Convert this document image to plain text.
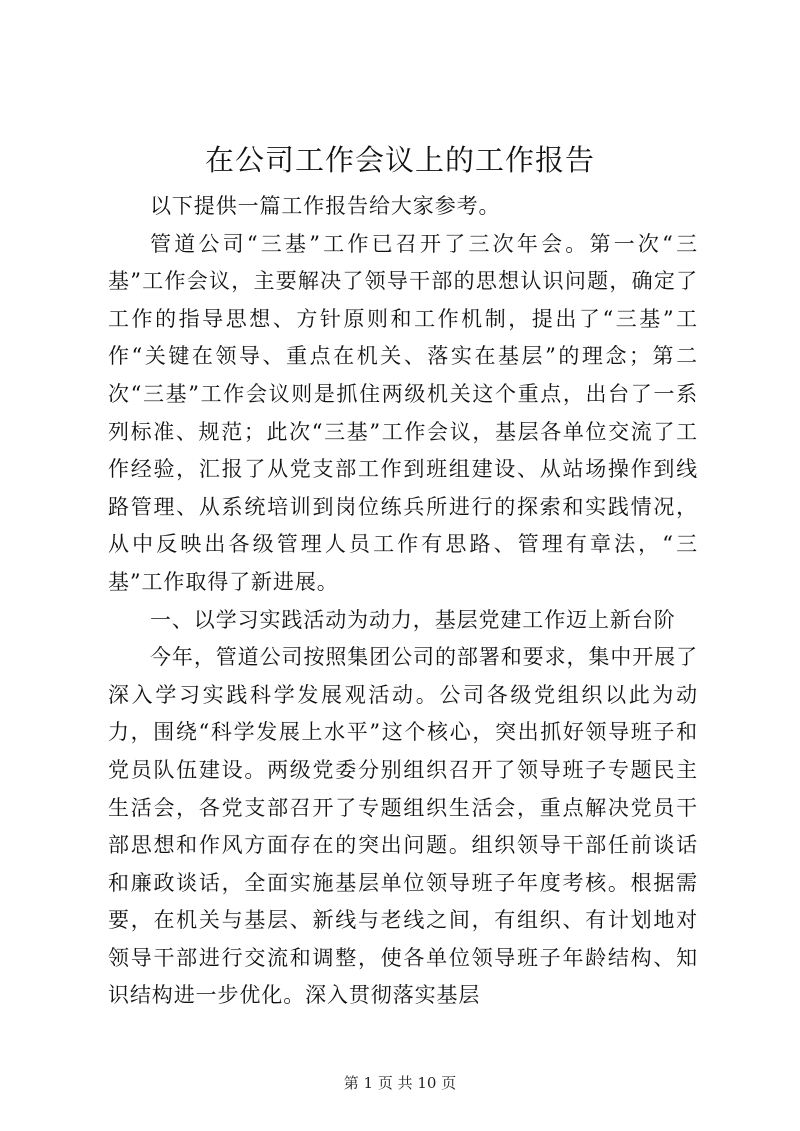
在公司工作会议上的工作报告

以下提供一篇工作报告给大家参考。

管道公司“三基”工作已召开了三次年会。第一次“三基”工作会议，主要解决了领导干部的思想认识问题，确定了工作的指导思想、方针原则和工作机制，提出了“三基”工作“关键在领导、重点在机关、落实在基层”的理念；第二次“三基”工作会议则是抓住两级机关这个重点，出台了一系列标准、规范；此次“三基”工作会议，基层各单位交流了工作经验，汇报了从党支部工作到班组建设、从站场操作到线路管理、从系统培训到岗位练兵所进行的探索和实践情况，从中反映出各级管理人员工作有思路、管理有章法，“三基”工作取得了新进展。

一、以学习实践活动为动力，基层党建工作迈上新台阶

今年，管道公司按照集团公司的部署和要求，集中开展了深入学习实践科学发展观活动。公司各级党组织以此为动力，围绕“科学发展上水平”这个核心，突出抓好领导班子和党员队伍建设。两级党委分别组织召开了领导班子专题民主生活会，各党支部召开了专题组织生活会，重点解决党员干部思想和作风方面存在的突出问题。组织领导干部任前谈话和廉政谈话，全面实施基层单位领导班子年度考核。根据需要，在机关与基层、新线与老线之间，有组织、有计划地对领导干部进行交流和调整，使各单位领导班子年龄结构、知识结构进一步优化。深入贯彻落实基层

第 1 页 共 10 页
